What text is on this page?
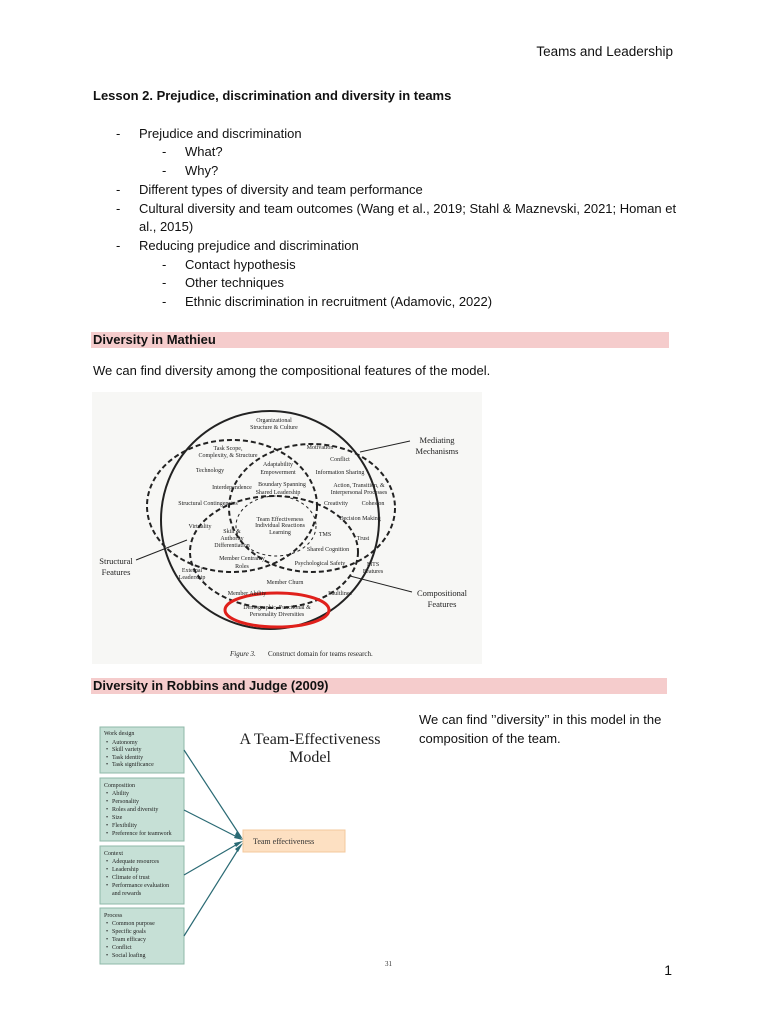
Teams and Leadership
Lesson 2. Prejudice, discrimination and diversity in teams
- Prejudice and discrimination
- What?
- Why?
- Different types of diversity and team performance
- Cultural diversity and team outcomes (Wang et al., 2019; Stahl & Maznevski, 2021; Homan et
al., 2015)
- Reducing prejudice and discrimination
- Contact hypothesis
- Other techniques
- Ethnic discrimination in recruitment (Adamovic, 2022)
Diversity in Mathieu
We can find diversity among the compositional features of the model.
Organizational
Structure & Culture
Task Scope,
Complexity, & Structure
Technology
Interdependence
Structural Contingencies
Virtuality
External
Leadership
Adaptability
Empowerment
Boundary Spanning
Shared Leadership
Skill &
Authority
Differentiation
Member Centrality
Roles
Member Churn
Member Ability
Team Effectiveness
Individual Reactions
Learning	TMS
Shared Cognition
Psychological Safety
Motivation
Conflict
Information Sharing
Action, Transition, &
Interpersonal Processes
Creativity Cohesion
Decision Making
Trust
MTS
Features
Faultlines
Demographic, Functional &
Personality Diversities
Mediating
Mechanisms
Structural
Features
Compositional
Features
Figure 3. Construct domain for teams research.
Diversity in Robbins and Judge (2009)
A Team-Effectiveness
Model
Work design
• Autonomy
• Skill variety
• Task identity
• Task significance
Composition
• Ability
• Personality
• Roles and diversity
• Size
• Flexibility
• Preference for teamwork
Context
• Adequate resources
• Leadership
• Climate of trust
• Performance evaluation
and rewards
Process
• Common purpose
• Specific goals
• Team efficacy
• Conflict
• Social loafing
Team effectiveness
31
We can find ’’diversity’’ in this model in the
composition of the team.
1
